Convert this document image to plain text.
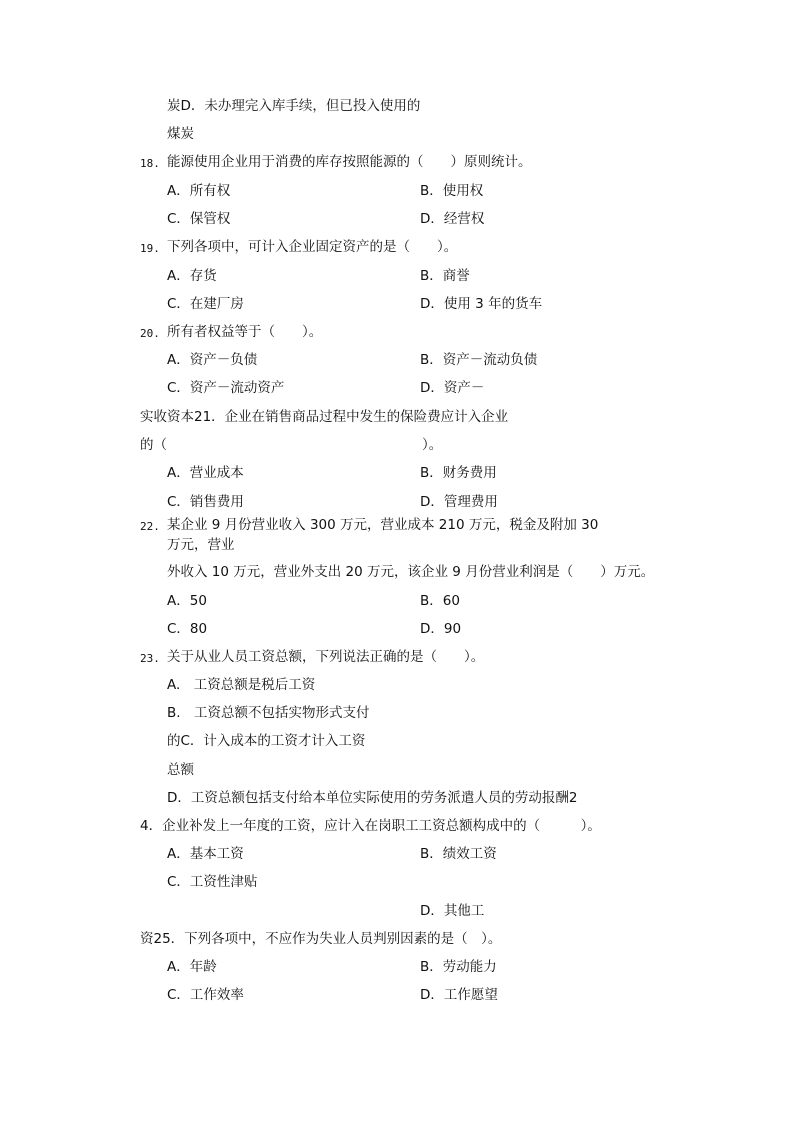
炭D．未办理完入库手续，但已投入使用的
煤炭
18. 能源使用企业用于消费的库存按照能源的（　　）原则统计。
A．所有权	B．使用权
C．保管权	D．经营权
19. 下列各项中，可计入企业固定资产的是（　　）。
A．存货	B．商誉
C．在建厂房	D．使用 3 年的货车
20. 所有者权益等于（　　）。
A．资产－负债	B．资产－流动负债
C．资产－流动资产	D．资产－
实收资本21．企业在销售商品过程中发生的保险费应计入企业
的（	）。
A．营业成本	B．财务费用
C．销售费用	D．管理费用
22. 某企业 9 月份营业收入 300 万元，营业成本 210 万元，税金及附加 30
万元，营业
外收入 10 万元，营业外支出 20 万元，该企业 9 月份营业利润是（　　）万元。
A．50	B．60
C．80	D．90
23. 关于从业人员工资总额，下列说法正确的是（　　）。
A.　工资总额是税后工资
B.　工资总额不包括实物形式支付
的C．计入成本的工资才计入工资
总额
D．工资总额包括支付给本单位实际使用的劳务派遣人员的劳动报酬2
4．企业补发上一年度的工资，应计入在岗职工工资总额构成中的（　　　）。
A．基本工资	B．绩效工资
C．工资性津贴
D．其他工
资25．下列各项中，不应作为失业人员判别因素的是（　）。
A．年龄	B．劳动能力
C．工作效率	D．工作愿望
